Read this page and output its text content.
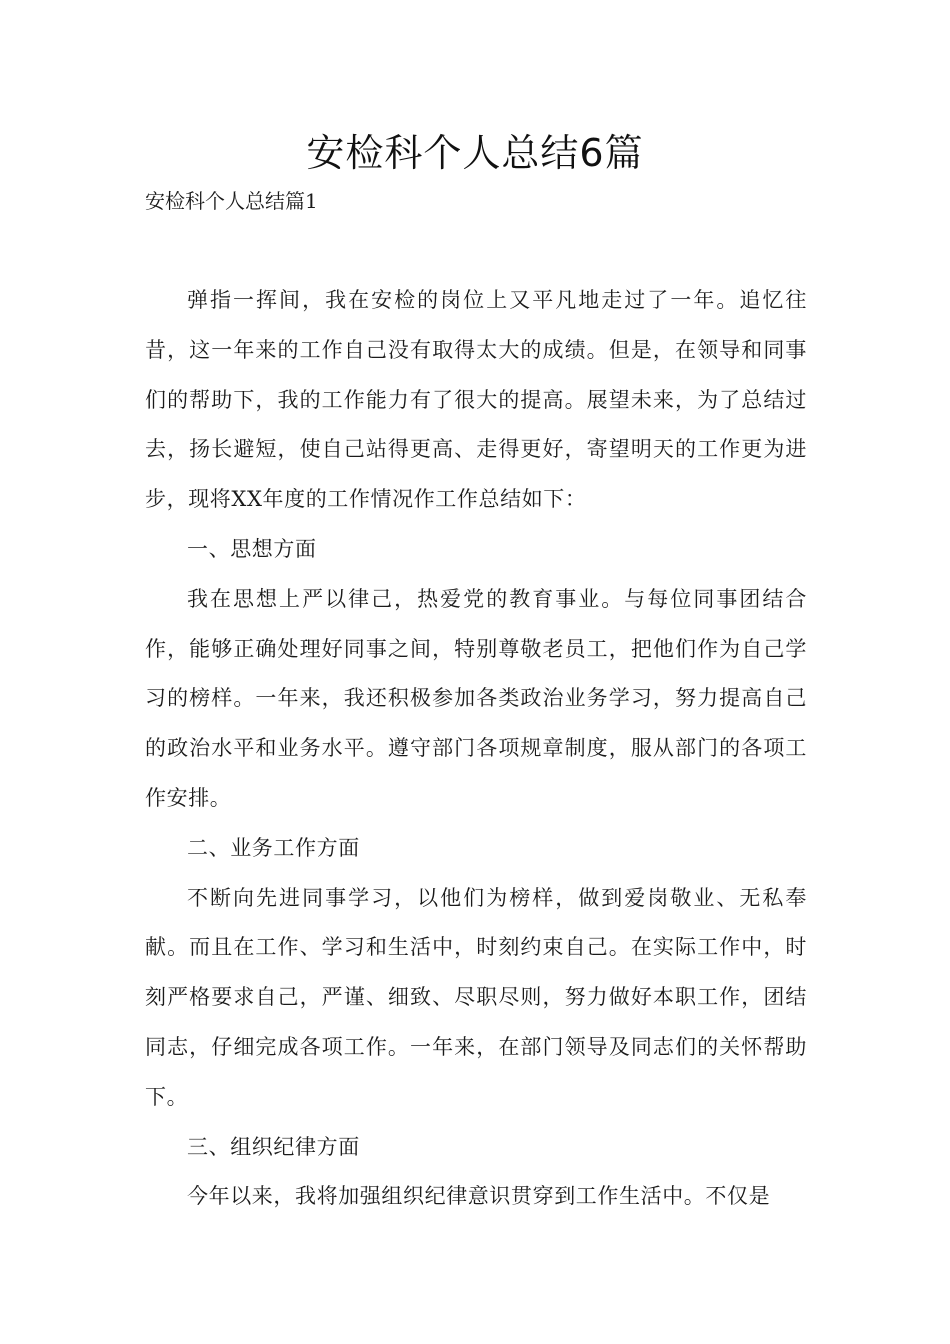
安检科个人总结6篇
安检科个人总结篇1

弹指一挥间，我在安检的岗位上又平凡地走过了一年。追忆往昔，这一年来的工作自己没有取得太大的成绩。但是，在领导和同事们的帮助下，我的工作能力有了很大的提高。展望未来，为了总结过去，扬长避短，使自己站得更高、走得更好，寄望明天的工作更为进步，现将XX年度的工作情况作工作总结如下：

一、思想方面

我在思想上严以律己，热爱党的教育事业。与每位同事团结合作，能够正确处理好同事之间，特别尊敬老员工，把他们作为自己学习的榜样。一年来，我还积极参加各类政治业务学习，努力提高自己的政治水平和业务水平。遵守部门各项规章制度，服从部门的各项工作安排。

二、业务工作方面

不断向先进同事学习，以他们为榜样，做到爱岗敬业、无私奉献。而且在工作、学习和生活中，时刻约束自己。在实际工作中，时刻严格要求自己，严谨、细致、尽职尽则，努力做好本职工作，团结同志，仔细完成各项工作。一年来，在部门领导及同志们的关怀帮助下。

三、组织纪律方面

今年以来，我将加强组织纪律意识贯穿到工作生活中。不仅是
